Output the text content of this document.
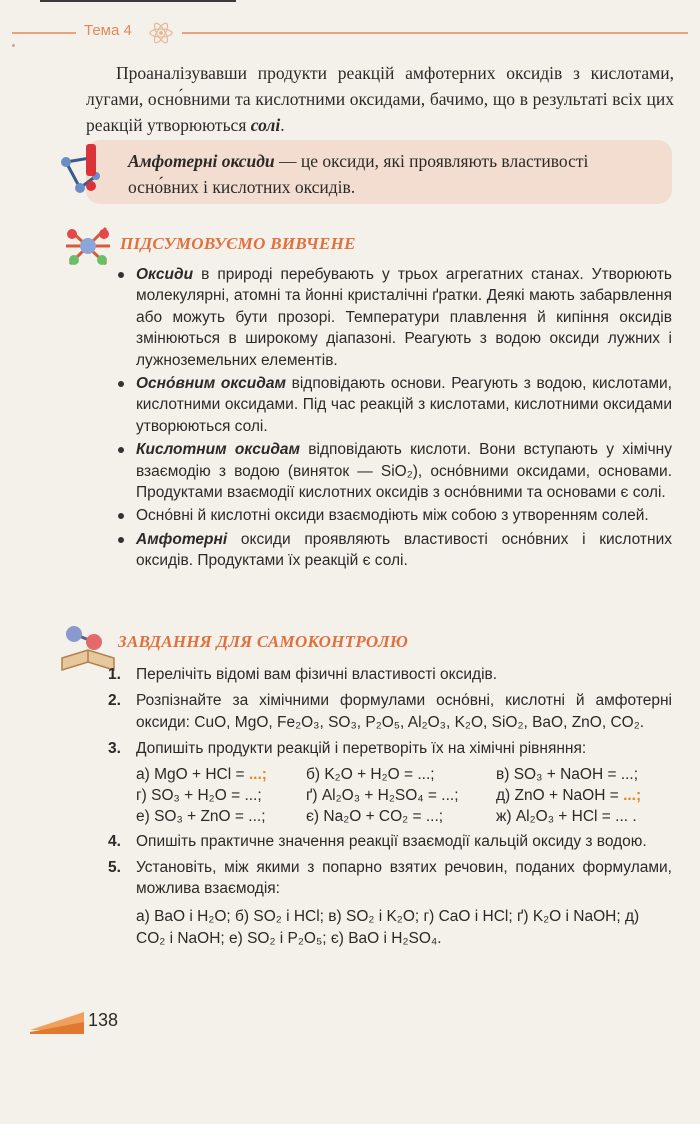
Тема 4
Проаналізувавши продукти реакцій амфотерних оксидів з кислотами, лугами, осно́вними та кислотними оксидами, бачимо, що в результаті всіх цих реакцій утворюються солі.
Амфотерні оксиди — це оксиди, які проявляють властивості осно́вних і кислотних оксидів.
ПІДСУМОВУЄМО ВИВЧЕНЕ
Оксиди в природі перебувають у трьох агрегатних станах. Утворюють молекулярні, атомні та йонні кристалічні ґратки. Деякі мають забарвлення або можуть бути прозорі. Температури плавлення й кипіння оксидів змінюються в широкому діапазоні. Реагують з водою оксиди лужних і лужноземельних елементів.
Осно́вним оксидам відповідають основи. Реагують з водою, кислотами, кислотними оксидами. Під час реакцій з кислотами, кислотними оксидами утворюються солі.
Кислотним оксидам відповідають кислоти. Вони вступають у хімічну взаємодію з водою (виняток — SiO₂), осно́вними оксидами, основами. Продуктами взаємодії кислотних оксидів з осно́вними та основами є солі.
Осно́вні й кислотні оксиди взаємодіють між собою з утворенням солей.
Амфотерні оксиди проявляють властивості осно́вних і кислотних оксидів. Продуктами їх реакцій є солі.
ЗАВДАННЯ ДЛЯ САМОКОНТРОЛЮ
1. Перелічіть відомі вам фізичні властивості оксидів.
2. Розпізнайте за хімічними формулами осно́вні, кислотні й амфотерні оксиди: CuO, MgO, Fe₂O₃, SO₃, P₂O₅, Al₂O₃, K₂O, SiO₂, BaO, ZnO, CO₂.
3. Допишіть продукти реакцій і перетворіть їх на хімічні рівняння:
а) MgO + HCl = ...;	б) K₂O + H₂O = ...;	в) SO₃ + NaOH = ...;
г) SO₃ + H₂O = ...;	ґ) Al₂O₃ + H₂SO₄ = ...;	д) ZnO + NaOH = ...;
е) SO₃ + ZnO = ...;	є) Na₂O + CO₂ = ...;	ж) Al₂O₃ + HCl = ... .
4. Опишіть практичне значення реакції взаємодії кальцій оксиду з водою.
5. Установіть, між якими з попарно взятих речовин, поданих формулами, можлива взаємодія:
а) BaO і H₂O; б) SO₂ і HCl; в) SO₂ і K₂O; г) CaO і HCl; ґ) K₂O і NaOH; д) CO₂ і NaOH; е) SO₂ і P₂O₅; є) BaO і H₂SO₄.
138
